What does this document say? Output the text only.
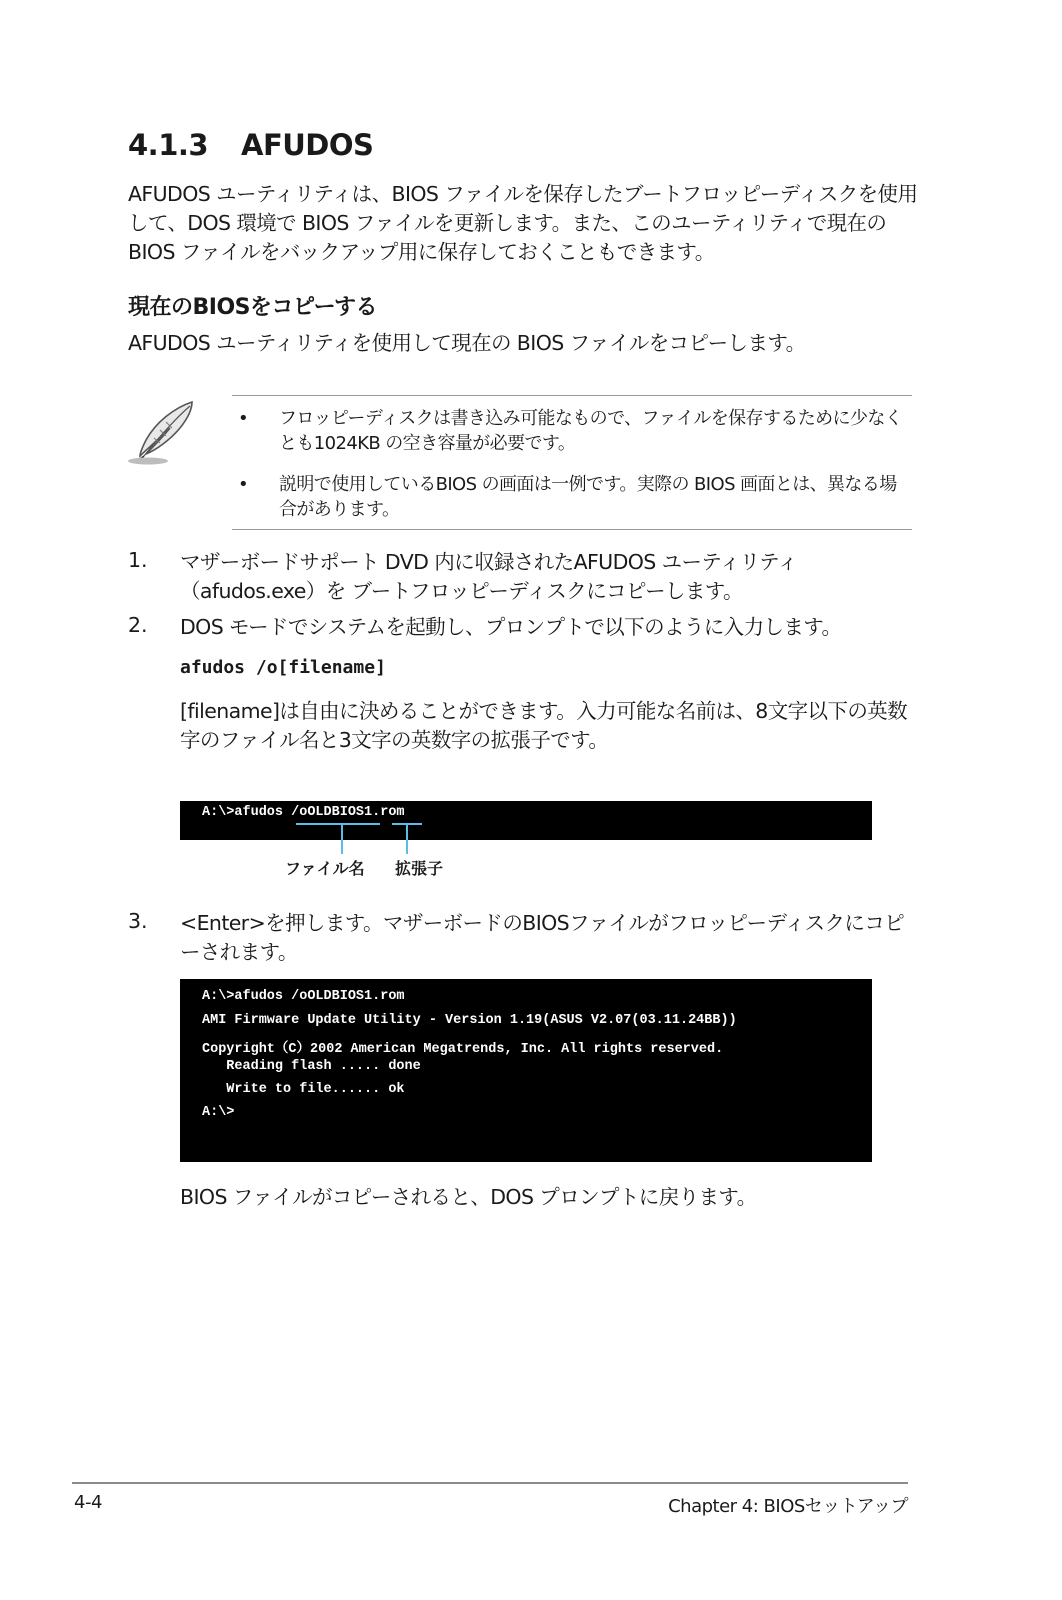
4.1.3 AFUDOS
AFUDOS ユーティリティは、BIOS ファイルを保存したブートフロッピーディスクを使用して、DOS 環境で BIOS ファイルを更新します。また、このユーティリティで現在の BIOS ファイルをバックアップ用に保存しておくこともできます。
現在のBIOSをコピーする
AFUDOS ユーティリティを使用して現在の BIOS ファイルをコピーします。
• フロッピーディスクは書き込み可能なもので、ファイルを保存するために少なくとも1024KB の空き容量が必要です。
• 説明で使用しているBIOS の画面は一例です。実際の BIOS 画面とは、異なる場合があります。
1. マザーボードサポート DVD 内に収録されたAFUDOS ユーティリティ（afudos.exe）を ブートフロッピーディスクにコピーします。
2. DOS モードでシステムを起動し、プロンプトで以下のように入力します。
afudos /o[filename]
[filename]は自由に決めることができます。入力可能な名前は、8文字以下の英数字のファイル名と3文字の英数字の拡張子です。
A:\>afudos /oOLDBIOS1.rom
ファイル名 拡張子
3. <Enter>を押します。マザーボードのBIOSファイルがフロッピーディスクにコピーされます。
A:\>afudos /oOLDBIOS1.rom
AMI Firmware Update Utility - Version 1.19(ASUS V2.07(03.11.24BB))
Copyright（C）2002 American Megatrends, Inc. All rights reserved.
Reading flash ..... done
Write to file...... ok
A:\>
BIOS ファイルがコピーされると、DOS プロンプトに戻ります。
4-4	Chapter 4: BIOSセットアップ
